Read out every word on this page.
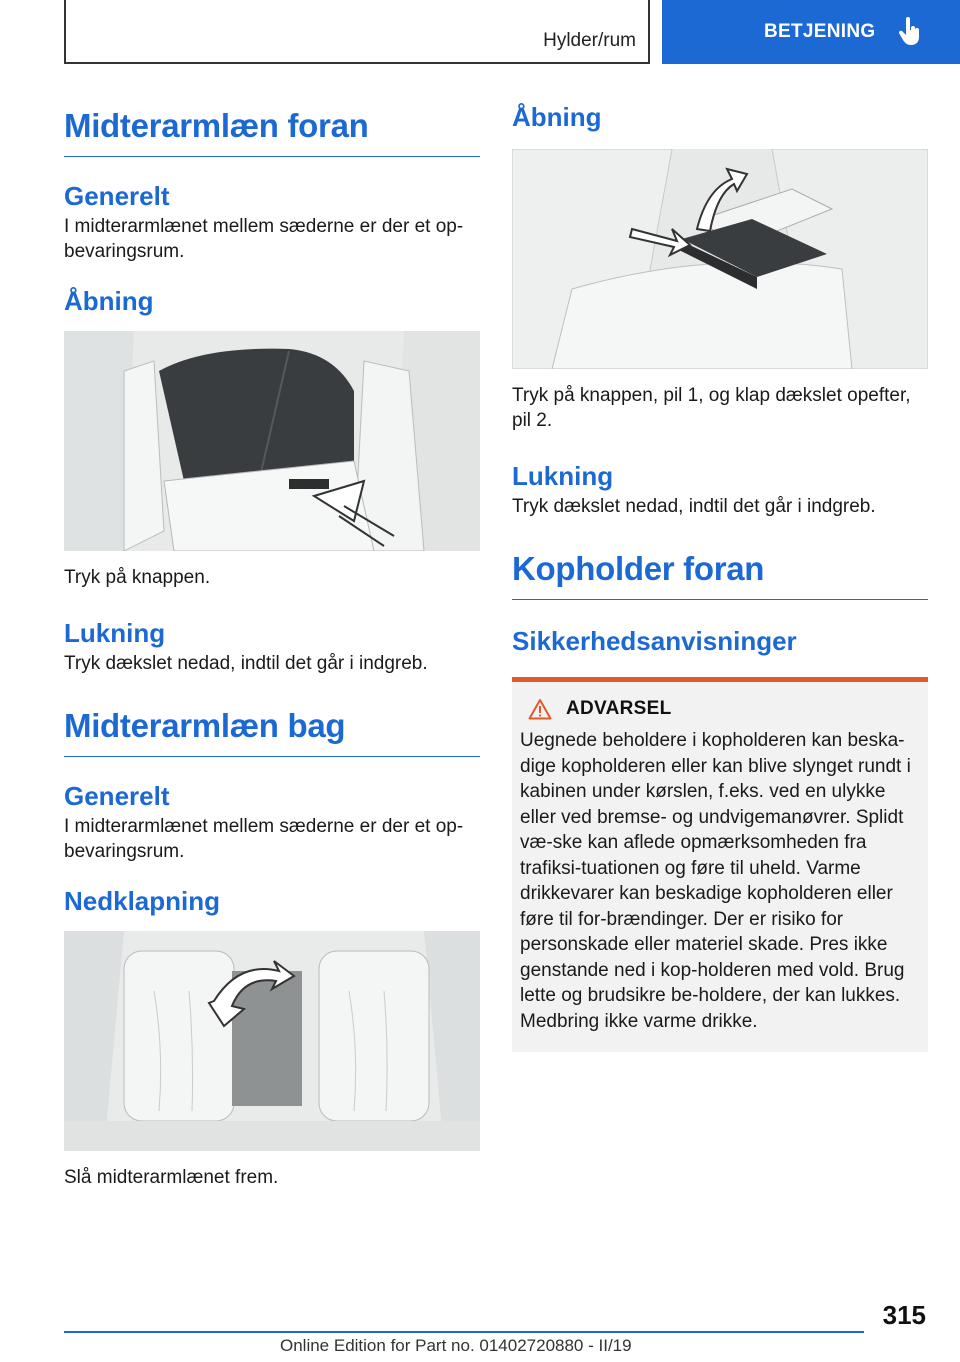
Hylder/rum	BETJENING
Midterarmlæn foran
Generelt
I midterarmlænet mellem sæderne er der et op-bevaringsrum.
Åbning
Tryk på knappen.
Lukning
Tryk dækslet nedad, indtil det går i indgreb.
Midterarmlæn bag
Generelt
I midterarmlænet mellem sæderne er der et op-bevaringsrum.
Nedklapning
Slå midterarmlænet frem.
Åbning
Tryk på knappen, pil 1, og klap dækslet opefter, pil 2.
Lukning
Tryk dækslet nedad, indtil det går i indgreb.
Kopholder foran
Sikkerhedsanvisninger
ADVARSEL
Uegnede beholdere i kopholderen kan beska-dige kopholderen eller kan blive slynget rundt i kabinen under kørslen, f.eks. ved en ulykke eller ved bremse- og undvigemanøvrer. Splidt væ-ske kan aflede opmærksomheden fra trafiksi-tuationen og føre til uheld. Varme drikkevarer kan beskadige kopholderen eller føre til for-brændinger. Der er risiko for personskade eller materiel skade. Pres ikke genstande ned i kop-holderen med vold. Brug lette og brudsikre be-holdere, der kan lukkes. Medbring ikke varme drikke.
315
Online Edition for Part no. 01402720880 - II/19
